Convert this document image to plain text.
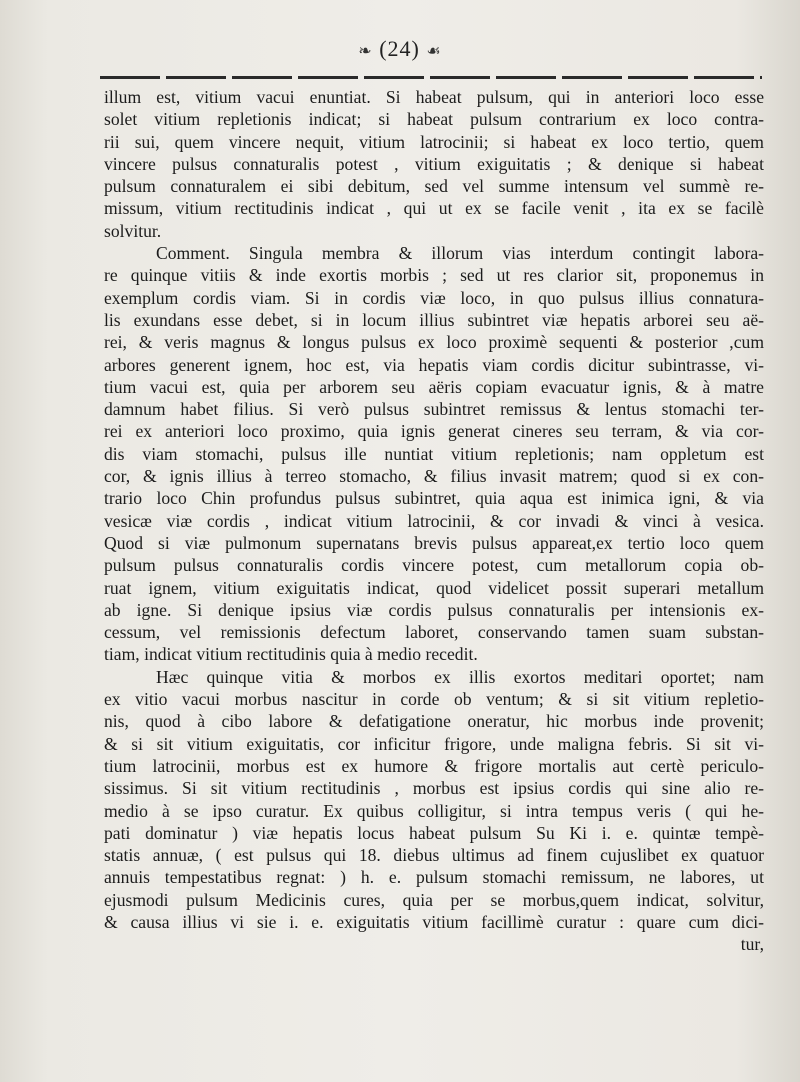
❧ (24) ☙
illum est, vitium vacui enuntiat. Si habeat pulsum, qui in anteriori loco esse
solet vitium repletionis indicat; si habeat pulsum contrarium ex loco contra-
rii sui, quem vincere nequit, vitium latrocinii; si habeat ex loco tertio, quem
vincere pulsus connaturalis potest , vitium exiguitatis ; & denique si habeat
pulsum connaturalem ei sibi debitum, sed vel summe intensum vel summè re-
missum, vitium rectitudinis indicat , qui ut ex se facile venit , ita ex se facilè
solvitur.
Comment. Singula membra & illorum vias interdum contingit labora-
re quinque vitiis & inde exortis morbis ; sed ut res clarior sit, proponemus in
exemplum cordis viam. Si in cordis viæ loco, in quo pulsus illius connatura-
lis exundans esse debet, si in locum illius subintret viæ hepatis arborei seu aë-
rei, & veris magnus & longus pulsus ex loco proximè sequenti & posterior ,cum
arbores generent ignem, hoc est, via hepatis viam cordis dicitur subintrasse, vi-
tium vacui est, quia per arborem seu aëris copiam evacuatur ignis, & à matre
damnum habet filius. Si verò pulsus subintret remissus & lentus stomachi ter-
rei ex anteriori loco proximo, quia ignis generat cineres seu terram, & via cor-
dis viam stomachi, pulsus ille nuntiat vitium repletionis; nam oppletum est
cor, & ignis illius à terreo stomacho, & filius invasit matrem; quod si ex con-
trario loco Chin profundus pulsus subintret, quia aqua est inimica igni, & via
vesicæ viæ cordis , indicat vitium latrocinii, & cor invadi & vinci à vesica.
Quod si viæ pulmonum supernatans brevis pulsus appareat,ex tertio loco quem
pulsum pulsus connaturalis cordis vincere potest, cum metallorum copia ob-
ruat ignem, vitium exiguitatis indicat, quod videlicet possit superari metallum
ab igne. Si denique ipsius viæ cordis pulsus connaturalis per intensionis ex-
cessum, vel remissionis defectum laboret, conservando tamen suam substan-
tiam, indicat vitium rectitudinis quia à medio recedit.
Hæc quinque vitia & morbos ex illis exortos meditari oportet; nam
ex vitio vacui morbus nascitur in corde ob ventum; & si sit vitium repletio-
nis, quod à cibo labore & defatigatione oneratur, hic morbus inde provenit;
& si sit vitium exiguitatis, cor inficitur frigore, unde maligna febris. Si sit vi-
tium latrocinii, morbus est ex humore & frigore mortalis aut certè periculo-
sissimus. Si sit vitium rectitudinis , morbus est ipsius cordis qui sine alio re-
medio à se ipso curatur. Ex quibus colligitur, si intra tempus veris ( qui he-
pati dominatur ) viæ hepatis locus habeat pulsum Su Ki i. e. quintæ tempè-
statis annuæ, ( est pulsus qui 18. diebus ultimus ad finem cujuslibet ex quatuor
annuis tempestatibus regnat: ) h. e. pulsum stomachi remissum, ne labores, ut
ejusmodi pulsum Medicinis cures, quia per se morbus,quem indicat, solvitur,
& causa illius vi sie i. e. exiguitatis vitium facillimè curatur : quare cum dici-
tur,
